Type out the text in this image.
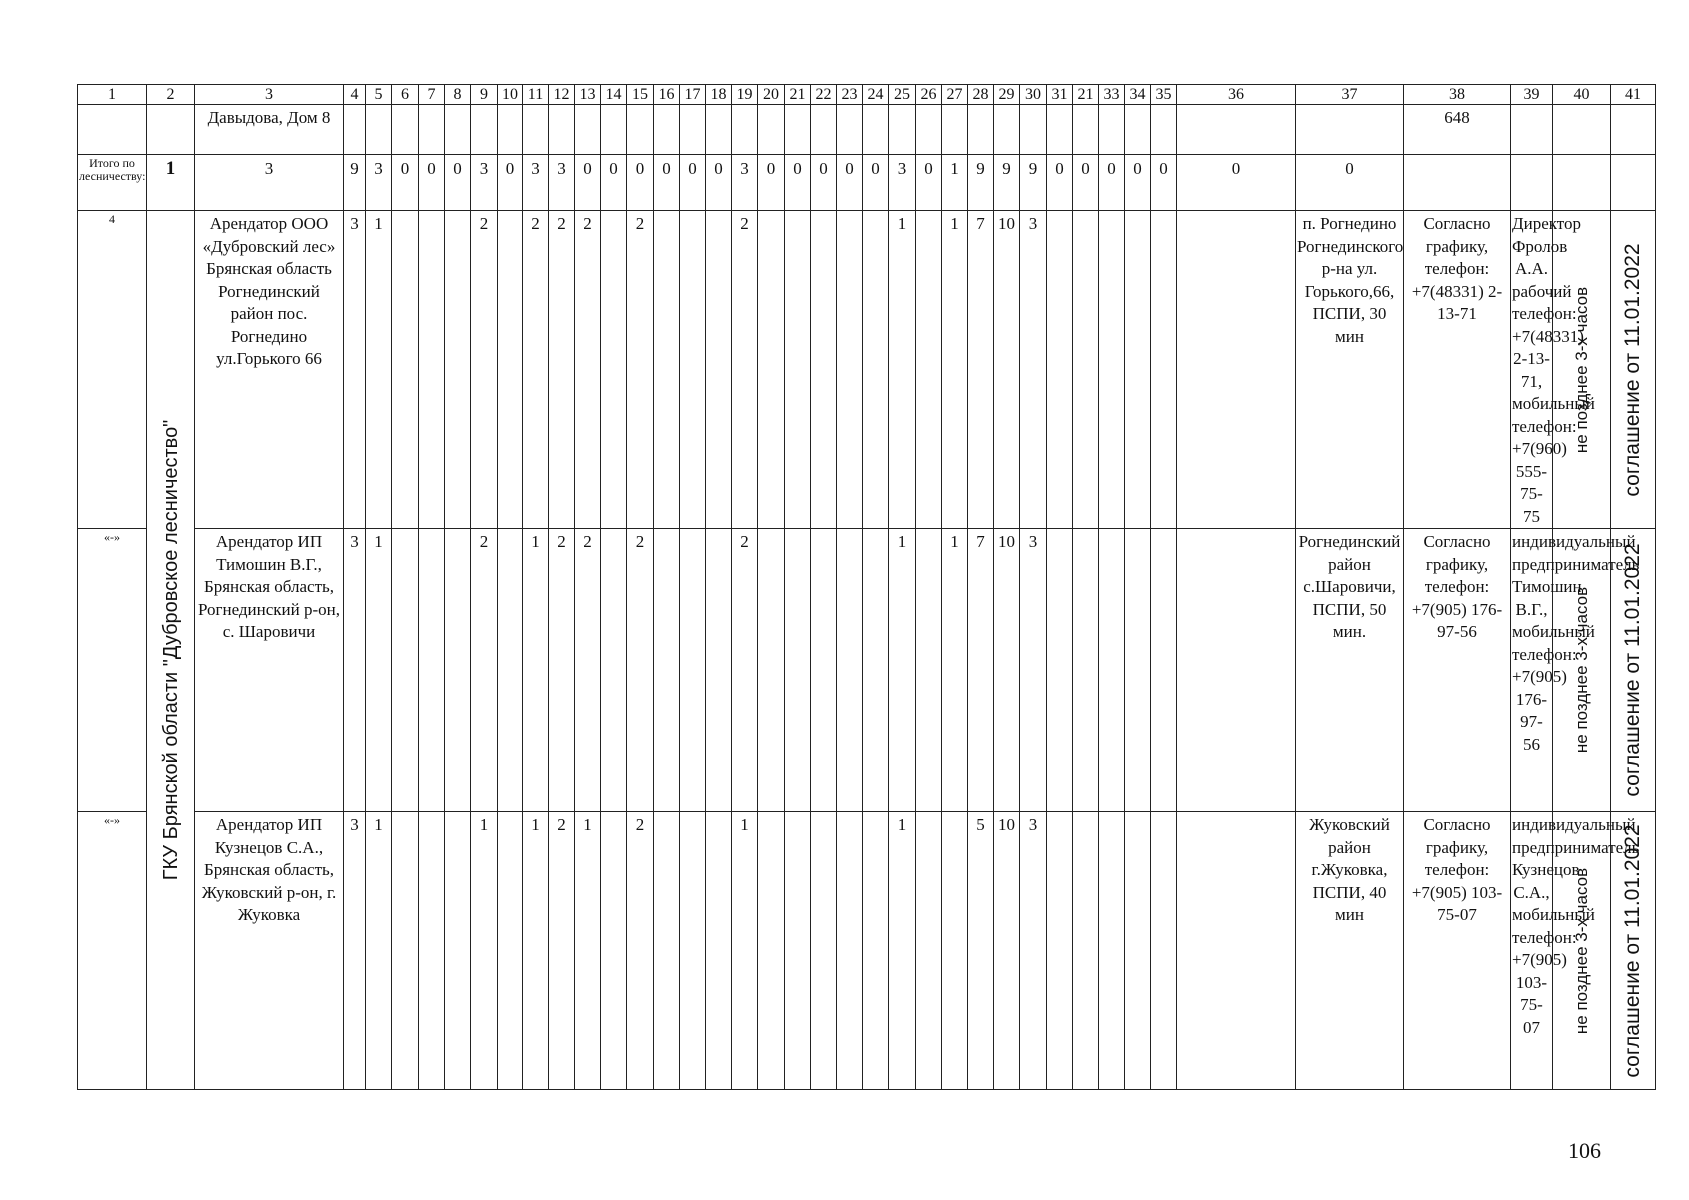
1	2	3	4	5	6	7	8	9	10	11	12	13	14	15	16	17	18	19	20	21	22	23	24	25	26	27	28	29	30	31	21	33	34	35	36	37	38	39	40	41
		Давыдова, Дом 8																																			648			
Итого по лесничеству:	1	3	9	3	0	0	0	3	0	3	3	0	0	0	0	0	0	3	0	0	0	0	0	3	0	1	9	9	9	0	0	0	0	0	0	0				
4	ГКУ Брянской области "Дубровское лесничество"	Арендатор ООО «Дубровский лес» Брянская область Рогнединский район пос. Рогнедино ул.Горького 66	3	1				2		2	2	2		2				2						1		1	7	10	3							п. Рогнедино Рогнединского р-на ул. Горького,66, ПСПИ, 30 мин	Согласно графику, телефон: +7(48331) 2-13-71	Директор Фролов А.А. рабочий телефон: +7(48331) 2-13-71, мобильный телефон: +7(960) 555-75- 75	не позднее 3-х часов	соглашение от 11.01.2022

«-»		Арендатор ИП Тимошин В.Г., Брянская область, Рогнединский р-он, с. Шаровичи	3	1				2		1	2	2		2				2						1		1	7	10	3							Рогнединский район с.Шаровичи, ПСПИ, 50 мин.	Согласно графику, телефон: +7(905) 176-97-56	индивидуальный предприниматель Тимошин В.Г., мобильный телефон: +7(905) 176-97-56	не позднее 3-х часов	соглашение от 11.01.2022

«-»		Арендатор ИП Кузнецов С.А., Брянская область, Жуковский р-он, г. Жуковка	3	1				1		1	2	1		2				1						1			5	10	3							Жуковский район г.Жуковка, ПСПИ, 40 мин	Согласно графику, телефон: +7(905) 103-75-07	индивидуальный предприниматель Кузнецов С.А., мобильный телефон: +7(905) 103-75-07	не позднее 3-х часов	соглашение от 11.01.2022
106
